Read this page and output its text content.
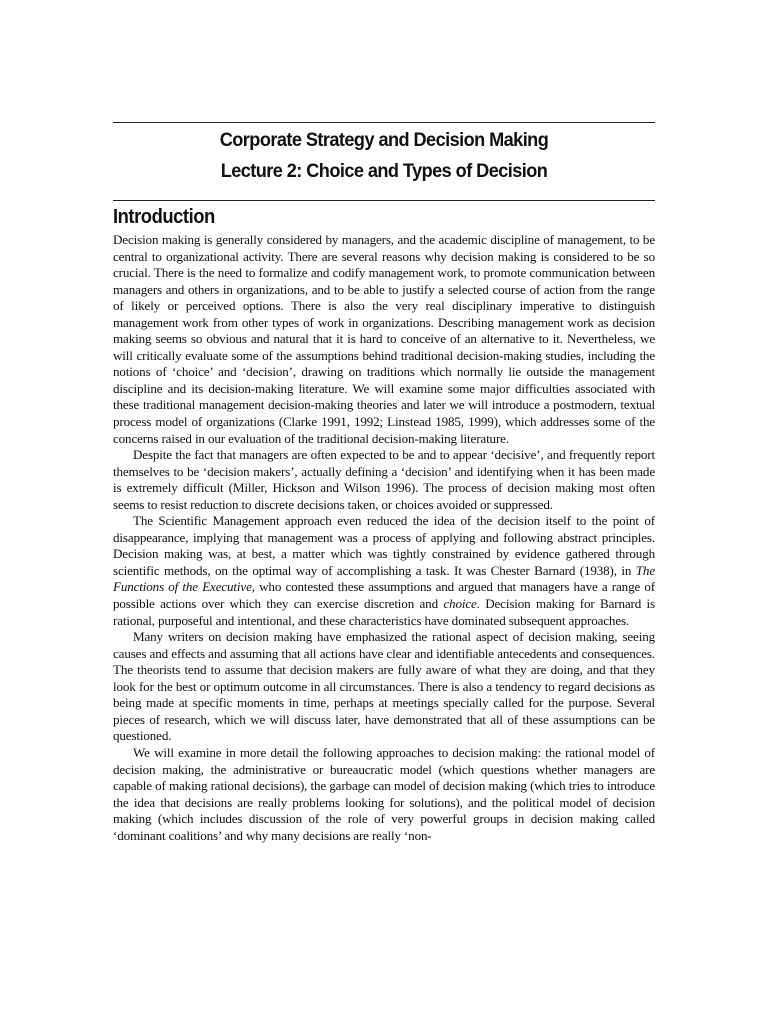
Corporate Strategy and Decision Making
Lecture 2: Choice and Types of Decision
Introduction

Decision making is generally considered by managers, and the academic discipline of management, to be central to organizational activity. There are several reasons why decision making is considered to be so crucial. There is the need to formalize and codify management work, to promote communication between managers and others in organizations, and to be able to justify a selected course of action from the range of likely or perceived options. There is also the very real disciplinary imperative to distinguish management work from other types of work in organizations. Describing management work as decision making seems so obvious and natural that it is hard to conceive of an alternative to it. Nevertheless, we will critically evaluate some of the assumptions behind traditional decision-making studies, including the notions of ‘choice’ and ‘decision’, drawing on traditions which normally lie outside the management discipline and its decision-making literature. We will examine some major difficulties associated with these traditional management decision-making theories and later we will introduce a postmodern, textual process model of organizations (Clarke 1991, 1992; Linstead 1985, 1999), which addresses some of the concerns raised in our evaluation of the traditional decision-making literature.

Despite the fact that managers are often expected to be and to appear ‘decisive’, and frequently report themselves to be ‘decision makers’, actually defining a ‘decision’ and identifying when it has been made is extremely difficult (Miller, Hickson and Wilson 1996). The process of decision making most often seems to resist reduction to discrete decisions taken, or choices avoided or suppressed.

The Scientific Management approach even reduced the idea of the decision itself to the point of disappearance, implying that management was a process of applying and following abstract principles. Decision making was, at best, a matter which was tightly constrained by evidence gathered through scientific methods, on the optimal way of accomplishing a task. It was Chester Barnard (1938), in The Functions of the Executive, who contested these assumptions and argued that managers have a range of possible actions over which they can exercise discretion and choice. Decision making for Barnard is rational, purposeful and intentional, and these characteristics have dominated subsequent approaches.

Many writers on decision making have emphasized the rational aspect of decision making, seeing causes and effects and assuming that all actions have clear and identifiable antecedents and consequences. The theorists tend to assume that decision makers are fully aware of what they are doing, and that they look for the best or optimum outcome in all circumstances. There is also a tendency to regard decisions as being made at specific moments in time, perhaps at meetings specially called for the purpose. Several pieces of research, which we will discuss later, have demonstrated that all of these assumptions can be questioned.

We will examine in more detail the following approaches to decision making: the rational model of decision making, the administrative or bureaucratic model (which questions whether managers are capable of making rational decisions), the garbage can model of decision making (which tries to introduce the idea that decisions are really problems looking for solutions), and the political model of decision making (which includes discussion of the role of very powerful groups in decision making called ‘dominant coalitions’ and why many decisions are really ‘non-
